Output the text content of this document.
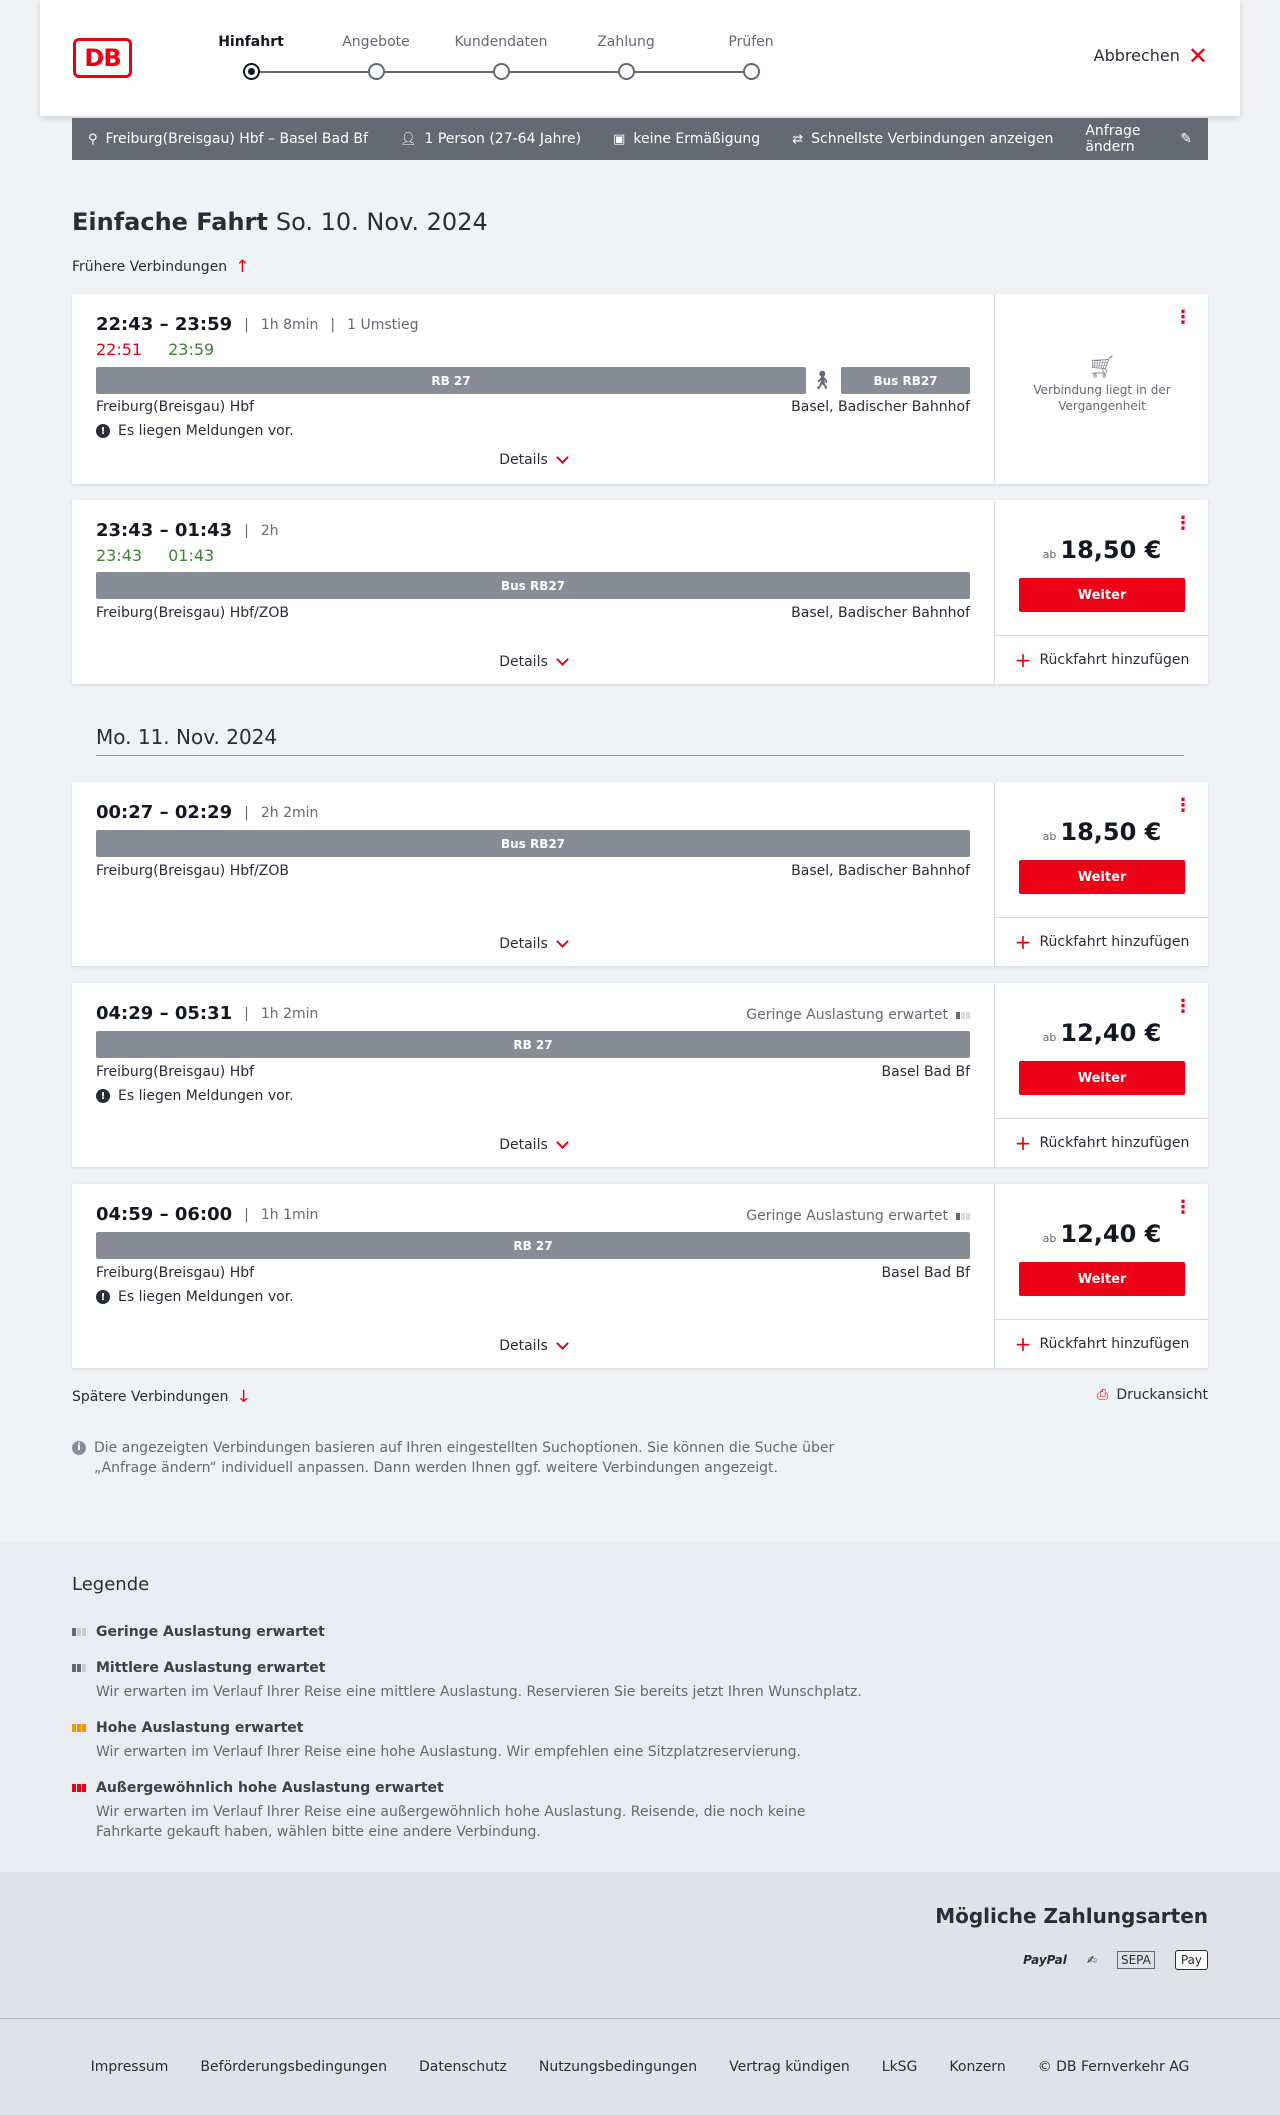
DB
Hinfahrt	Angebote	Kundendaten	Zahlung	Prüfen
Abbrechen ✕
⚲ Freiburg(Breisgau) Hbf – Basel Bad Bf 👤︎ 1 Person (27-64 Jahre) ▣ keine Ermäßigung ⇄ Schnellste Verbindungen anzeigen Anfrage ändern	✎
Einfache Fahrt So. 10. Nov. 2024
Frühere Verbindungen ↑
22:43 – 23:59 | 1h 8min | 1 Umstieg
22:51 23:59
RB 27	🚶︎	Bus RB27
Freiburg(Breisgau) Hbf	Basel, Badischer Bahnhof
! Es liegen Meldungen vor.
Details
⋮
🛒︎
Verbindung liegt in der Vergangenheit
23:43 – 01:43 | 2h
23:43 01:43
Bus RB27
Freiburg(Breisgau) Hbf/ZOB	Basel, Badischer Bahnhof
Details
⋮
ab 18,50 €
Weiter
+ Rückfahrt hinzufügen
Mo. 11. Nov. 2024
00:27 – 02:29 | 2h 2min
Bus RB27
Freiburg(Breisgau) Hbf/ZOB	Basel, Badischer Bahnhof
Details
⋮
ab 18,50 €
Weiter
+ Rückfahrt hinzufügen
04:29 – 05:31 | 1h 2min	Geringe Auslastung erwartet
RB 27
Freiburg(Breisgau) Hbf	Basel Bad Bf
! Es liegen Meldungen vor.
Details
⋮
ab 12,40 €
Weiter
+ Rückfahrt hinzufügen
04:59 – 06:00 | 1h 1min	Geringe Auslastung erwartet
RB 27
Freiburg(Breisgau) Hbf	Basel Bad Bf
! Es liegen Meldungen vor.
Details
⋮
ab 12,40 €
Weiter
+ Rückfahrt hinzufügen
Spätere Verbindungen ↓	⎙ Druckansicht
i Die angezeigten Verbindungen basieren auf Ihren eingestellten Suchoptionen. Sie können die Suche über „Anfrage ändern“ individuell anpassen. Dann werden Ihnen ggf. weitere Verbindungen angezeigt.
Legende
Geringe Auslastung erwartet
Mittlere Auslastung erwartet
Wir erwarten im Verlauf Ihrer Reise eine mittlere Auslastung. Reservieren Sie bereits jetzt Ihren Wunschplatz.
Hohe Auslastung erwartet
Wir erwarten im Verlauf Ihrer Reise eine hohe Auslastung. Wir empfehlen eine Sitzplatzreservierung.
Außergewöhnlich hohe Auslastung erwartet
Wir erwarten im Verlauf Ihrer Reise eine außergewöhnlich hohe Auslastung. Reisende, die noch keine Fahrkarte gekauft haben, wählen bitte eine andere Verbindung.
Mögliche Zahlungsarten
PayPal ✍	SEPA	Pay
Impressum Beförderungsbedingungen Datenschutz Nutzungsbedingungen Vertrag kündigen LkSG Konzern © DB Fernverkehr AG
